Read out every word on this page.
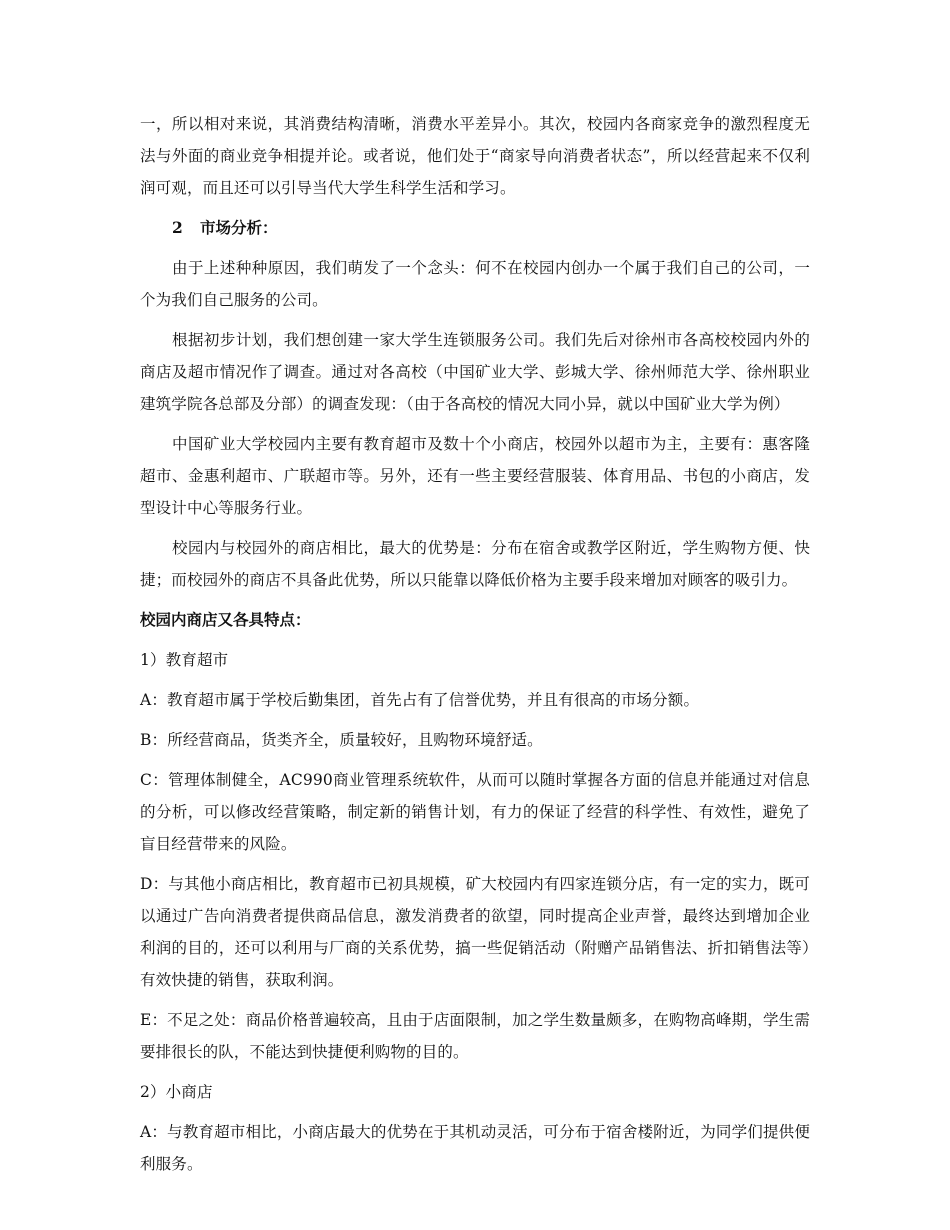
一，所以相对来说，其消费结构清晰，消费水平差异小。其次，校园内各商家竞争的激烈程度无法与外面的商业竞争相提并论。或者说，他们处于“商家导向消费者状态”，所以经营起来不仅利润可观，而且还可以引导当代大学生科学生活和学习。

2 市场分析：

由于上述种种原因，我们萌发了一个念头：何不在校园内创办一个属于我们自己的公司，一个为我们自己服务的公司。

根据初步计划，我们想创建一家大学生连锁服务公司。我们先后对徐州市各高校校园内外的商店及超市情况作了调查。通过对各高校（中国矿业大学、彭城大学、徐州师范大学、徐州职业建筑学院各总部及分部）的调查发现：（由于各高校的情况大同小异，就以中国矿业大学为例）

中国矿业大学校园内主要有教育超市及数十个小商店，校园外以超市为主，主要有：惠客隆超市、金惠利超市、广联超市等。另外，还有一些主要经营服装、体育用品、书包的小商店，发型设计中心等服务行业。

校园内与校园外的商店相比，最大的优势是：分布在宿舍或教学区附近，学生购物方便、快捷；而校园外的商店不具备此优势，所以只能靠以降低价格为主要手段来增加对顾客的吸引力。

校园内商店又各具特点：

1）教育超市

A：教育超市属于学校后勤集团，首先占有了信誉优势，并且有很高的市场分额。

B：所经营商品，货类齐全，质量较好，且购物环境舒适。

C：管理体制健全，AC990商业管理系统软件，从而可以随时掌握各方面的信息并能通过对信息的分析，可以修改经营策略，制定新的销售计划，有力的保证了经营的科学性、有效性，避免了盲目经营带来的风险。

D：与其他小商店相比，教育超市已初具规模，矿大校园内有四家连锁分店，有一定的实力，既可以通过广告向消费者提供商品信息，激发消费者的欲望，同时提高企业声誉，最终达到增加企业利润的目的，还可以利用与厂商的关系优势，搞一些促销活动（附赠产品销售法、折扣销售法等）有效快捷的销售，获取利润。

E：不足之处：商品价格普遍较高，且由于店面限制，加之学生数量颇多，在购物高峰期，学生需要排很长的队，不能达到快捷便利购物的目的。

2）小商店

A：与教育超市相比，小商店最大的优势在于其机动灵活，可分布于宿舍楼附近，为同学们提供便利服务。
